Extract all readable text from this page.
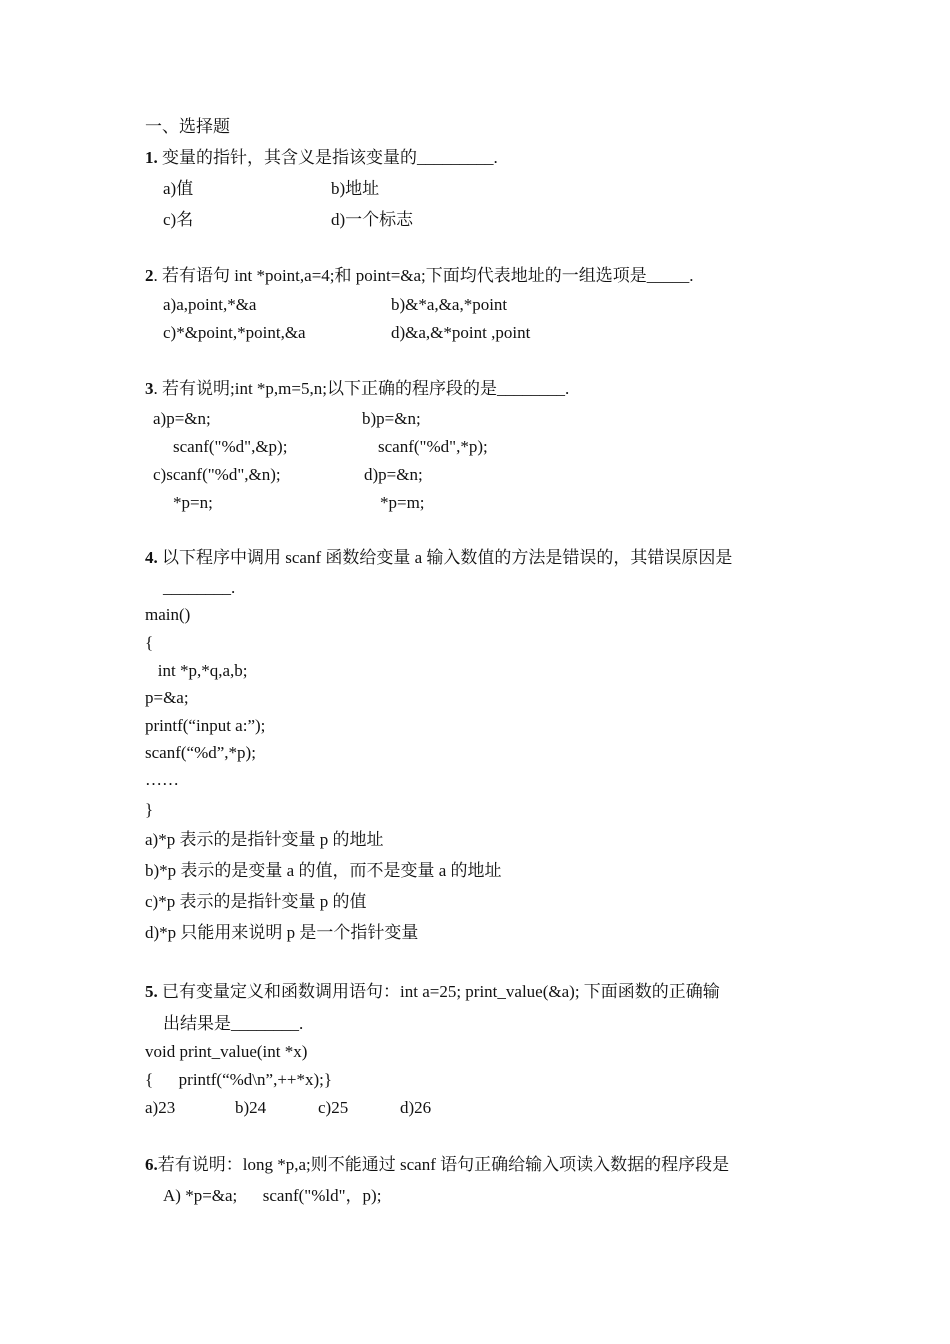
一、选择题
1. 变量的指针，其含义是指该变量的_________.
a)值	b)地址
c)名	d)一个标志
2. 若有语句 int *point,a=4;和 point=&a;下面均代表地址的一组选项是_____.
a)a,point,*&a	b)&*a,&a,*point
c)*&point,*point,&a	d)&a,&*point ,point
3. 若有说明;int *p,m=5,n;以下正确的程序段的是________.
a)p=&n;	b)p=&n;
scanf("%d",&p);	scanf("%d",*p);
c)scanf("%d",&n);	d)p=&n;
*p=n;	*p=m;
4. 以下程序中调用 scanf 函数给变量 a 输入数值的方法是错误的，其错误原因是
________.
main()
{
int *p,*q,a,b;
p=&a;
printf(“input a:”);
scanf(“%d”,*p);
……
}
a)*p 表示的是指针变量 p 的地址
b)*p 表示的是变量 a 的值，而不是变量 a 的地址
c)*p 表示的是指针变量 p 的值
d)*p 只能用来说明 p 是一个指针变量
5. 已有变量定义和函数调用语句：int a=25; print_value(&a); 下面函数的正确输
出结果是________.
void print_value(int *x)
{      printf(“%d\n”,++*x);}
a)23	b)24	c)25	d)26
6.若有说明：long *p,a;则不能通过 scanf 语句正确给输入项读入数据的程序段是
A) *p=&a;      scanf("%ld"，p);
